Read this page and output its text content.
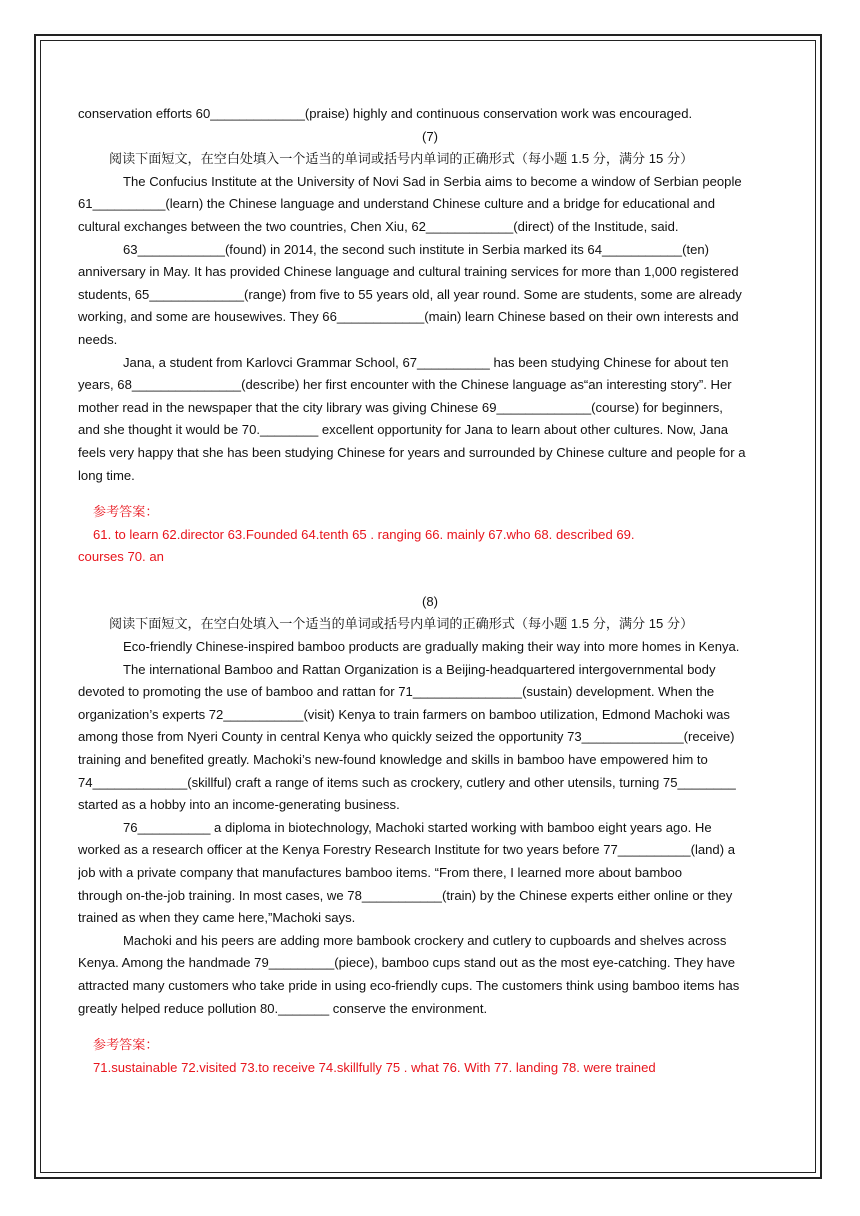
conservation efforts 60_____________(praise) highly and continuous conservation work was encouraged.
(7)
阅读下面短文，在空白处填入一个适当的单词或括号内单词的正确形式（每小题 1.5 分，满分 15 分）
The Confucius Institute at the University of Novi Sad in Serbia aims to become a window of Serbian people
61__________(learn) the Chinese language and understand Chinese culture and a bridge for educational and
cultural exchanges between the two countries, Chen Xiu, 62____________(direct) of the Institude, said.
63____________(found) in 2014, the second such institute in Serbia marked its 64___________(ten)
anniversary in May. It has provided Chinese language and cultural training services for more than 1,000 registered
students, 65_____________(range) from five to 55 years old, all year round. Some are students, some are already
working, and some are housewives. They 66____________(main) learn Chinese based on their own interests and
needs.
Jana, a student from Karlovci Grammar School, 67__________ has been studying Chinese for about ten
years, 68_______________(describe) her first encounter with the Chinese language as“an interesting story”. Her
mother read in the newspaper that the city library was giving Chinese 69_____________(course) for beginners,
and she thought it would be 70.________ excellent opportunity for Jana to learn about other cultures. Now, Jana
feels very happy that she has been studying Chinese for years and surrounded by Chinese culture and people for a
long time.
参考答案：
61. to learn 62.director 63.Founded 64.tenth 65 . ranging 66. mainly 67.who 68. described 69.
courses 70. an
(8)
阅读下面短文，在空白处填入一个适当的单词或括号内单词的正确形式（每小题 1.5 分，满分 15 分）
Eco-friendly Chinese-inspired bamboo products are gradually making their way into more homes in Kenya.
The international Bamboo and Rattan Organization is a Beijing-headquartered intergovernmental body
devoted to promoting the use of bamboo and rattan for 71_______________(sustain) development. When the
organization’s experts 72___________(visit) Kenya to train farmers on bamboo utilization, Edmond Machoki was
among those from Nyeri County in central Kenya who quickly seized the opportunity 73______________(receive)
training and benefited greatly. Machoki’s new-found knowledge and skills in bamboo have empowered him to
74_____________(skillful) craft a range of items such as crockery, cutlery and other utensils, turning 75________
started as a hobby into an income-generating business.
76__________ a diploma in biotechnology, Machoki started working with bamboo eight years ago. He
worked as a research officer at the Kenya Forestry Research Institute for two years before 77__________(land) a
job with a private company that manufactures bamboo items. “From there, I learned more about bamboo
through on-the-job training. In most cases, we 78___________(train) by the Chinese experts either online or they
trained as when they came here,”Machoki says.
Machoki and his peers are adding more bambook crockery and cutlery to cupboards and shelves across
Kenya. Among the handmade 79_________(piece), bamboo cups stand out as the most eye-catching. They have
attracted many customers who take pride in using eco-friendly cups. The customers think using bamboo items has
greatly helped reduce pollution 80._______ conserve the environment.
参考答案：
71.sustainable 72.visited 73.to receive 74.skillfully 75 . what 76. With 77. landing 78. were trained
